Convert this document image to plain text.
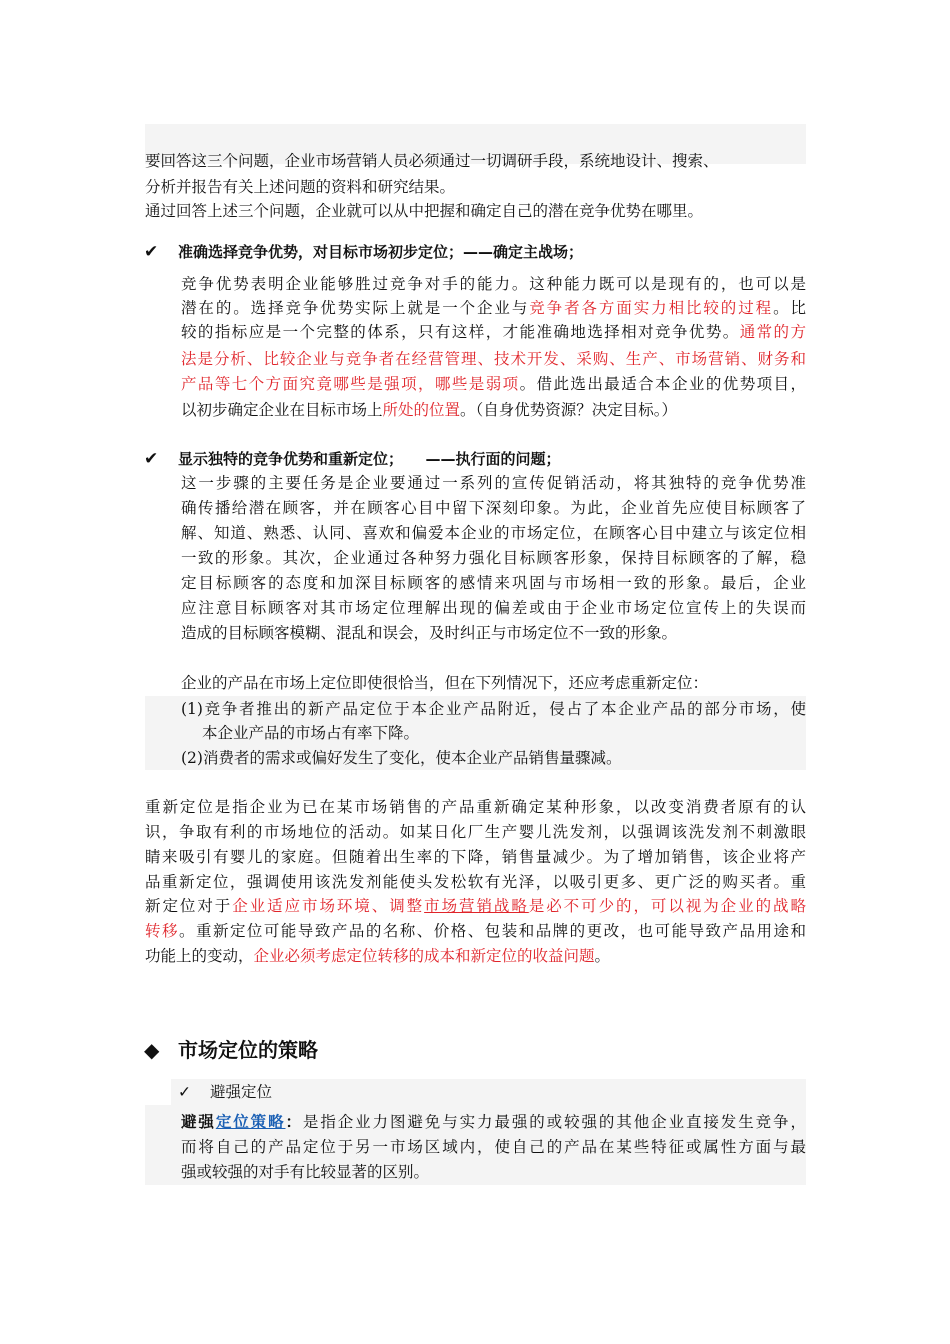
要回答这三个问题，企业市场营销人员必须通过一切调研手段，系统地设计、搜索、
分析并报告有关上述问题的资料和研究结果。
通过回答上述三个问题，企业就可以从中把握和确定自己的潜在竞争优势在哪里。
✔ 准确选择竞争优势，对目标市场初步定位；——确定主战场；
竞争优势表明企业能够胜过竞争对手的能力。这种能力既可以是现有的，也可以是
潜在的。选择竞争优势实际上就是一个企业与竞争者各方面实力相比较的过程。比
较的指标应是一个完整的体系，只有这样，才能准确地选择相对竞争优势。通常的方
法是分析、比较企业与竞争者在经营管理、技术开发、采购、生产、市场营销、财务和
产品等七个方面究竟哪些是强项，哪些是弱项。借此选出最适合本企业的优势项目，
以初步确定企业在目标市场上所处的位置。（自身优势资源？决定目标。）
✔ 显示独特的竞争优势和重新定位；　　——执行面的问题；
这一步骤的主要任务是企业要通过一系列的宣传促销活动，将其独特的竞争优势准
确传播给潜在顾客，并在顾客心目中留下深刻印象。为此，企业首先应使目标顾客了
解、知道、熟悉、认同、喜欢和偏爱本企业的市场定位，在顾客心目中建立与该定位相
一致的形象。其次，企业通过各种努力强化目标顾客形象，保持目标顾客的了解，稳
定目标顾客的态度和加深目标顾客的感情来巩固与市场相一致的形象。最后，企业
应注意目标顾客对其市场定位理解出现的偏差或由于企业市场定位宣传上的失误而
造成的目标顾客模糊、混乱和误会，及时纠正与市场定位不一致的形象。
企业的产品在市场上定位即使很恰当，但在下列情况下，还应考虑重新定位：
(1)竞争者推出的新产品定位于本企业产品附近，侵占了本企业产品的部分市场，使
本企业产品的市场占有率下降。
(2)消费者的需求或偏好发生了变化，使本企业产品销售量骤减。
重新定位是指企业为已在某市场销售的产品重新确定某种形象，以改变消费者原有的认
识，争取有利的市场地位的活动。如某日化厂生产婴儿洗发剂，以强调该洗发剂不刺激眼
睛来吸引有婴儿的家庭。但随着出生率的下降，销售量减少。为了增加销售，该企业将产
品重新定位，强调使用该洗发剂能使头发松软有光泽，以吸引更多、更广泛的购买者。重
新定位对于企业适应市场环境、调整市场营销战略是必不可少的，可以视为企业的战略
转移。重新定位可能导致产品的名称、价格、包装和品牌的更改，也可能导致产品用途和
功能上的变动，企业必须考虑定位转移的成本和新定位的收益问题。
◆ 市场定位的策略
✓ 避强定位
避强定位策略：是指企业力图避免与实力最强的或较强的其他企业直接发生竞争，
而将自己的产品定位于另一市场区域内，使自己的产品在某些特征或属性方面与最
强或较强的对手有比较显著的区别。
